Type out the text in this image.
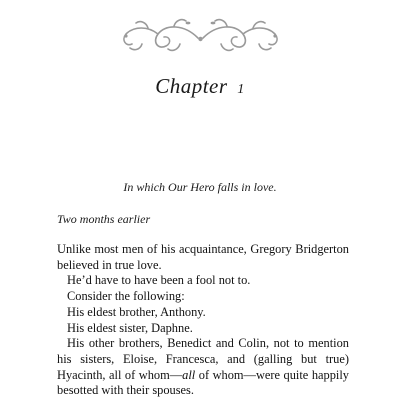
Chapter 1
In which Our Hero falls in love.
Two months earlier

Unlike most men of his acquaintance, Gregory Bridgerton believed in true love.

He’d have to have been a fool not to.

Consider the following:

His eldest brother, Anthony.

His eldest sister, Daphne.

His other brothers, Benedict and Colin, not to mention his sisters, Eloise, Francesca, and (galling but true) Hyacinth, all of whom—all of whom—were quite happily besotted with their spouses.
